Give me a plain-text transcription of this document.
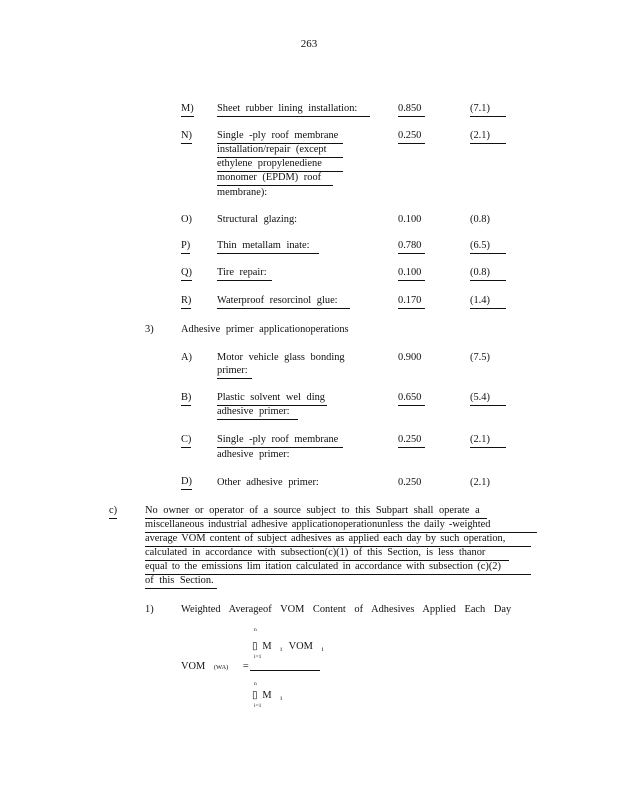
263
M) Sheet rubber lining installation:	0.850	(7.1)
N) Single -ply roof membrane
installation/repair (except
ethylene propylenediene
monomer (EPDM) roof
membrane):
0.250	(2.1)
O) Structural glazing:	0.100	(0.8)
P)	Thin metallam inate:	0.780	(6.5)
Q) Tire repair:	0.100	(0.8)
R) Waterproof resorcinol glue:	0.170	(1.4)
3)	Adhesive primer applicationoperations
A) Motor vehicle glass bonding
primer:
0.900	(7.5)
B) Plastic solvent wel ding
adhesive primer:
0.650	(5.4)
C) Single -ply roof membrane
adhesive primer:
0.250	(2.1)
D) Other adhesive primer:	0.250	(2.1)
c)	No owner or operator of a source subject to this Subpart shall operate a
miscellaneous industrial adhesive applicationoperationunless the daily -weighted
average VOM content of subject adhesives as applied each day by such operation,
calculated in accordance with subsection(c)(1) of this Section, is less thanor
equal to the emissions lim itation calculated in accordance with subsection (c)(2)
of this Section.
1)	Weighted Averageof VOM Content of Adhesives Applied Each Day
VOM (WA) =
n
▯ M i VOM i
i=1
n
▯ M i
i=1
